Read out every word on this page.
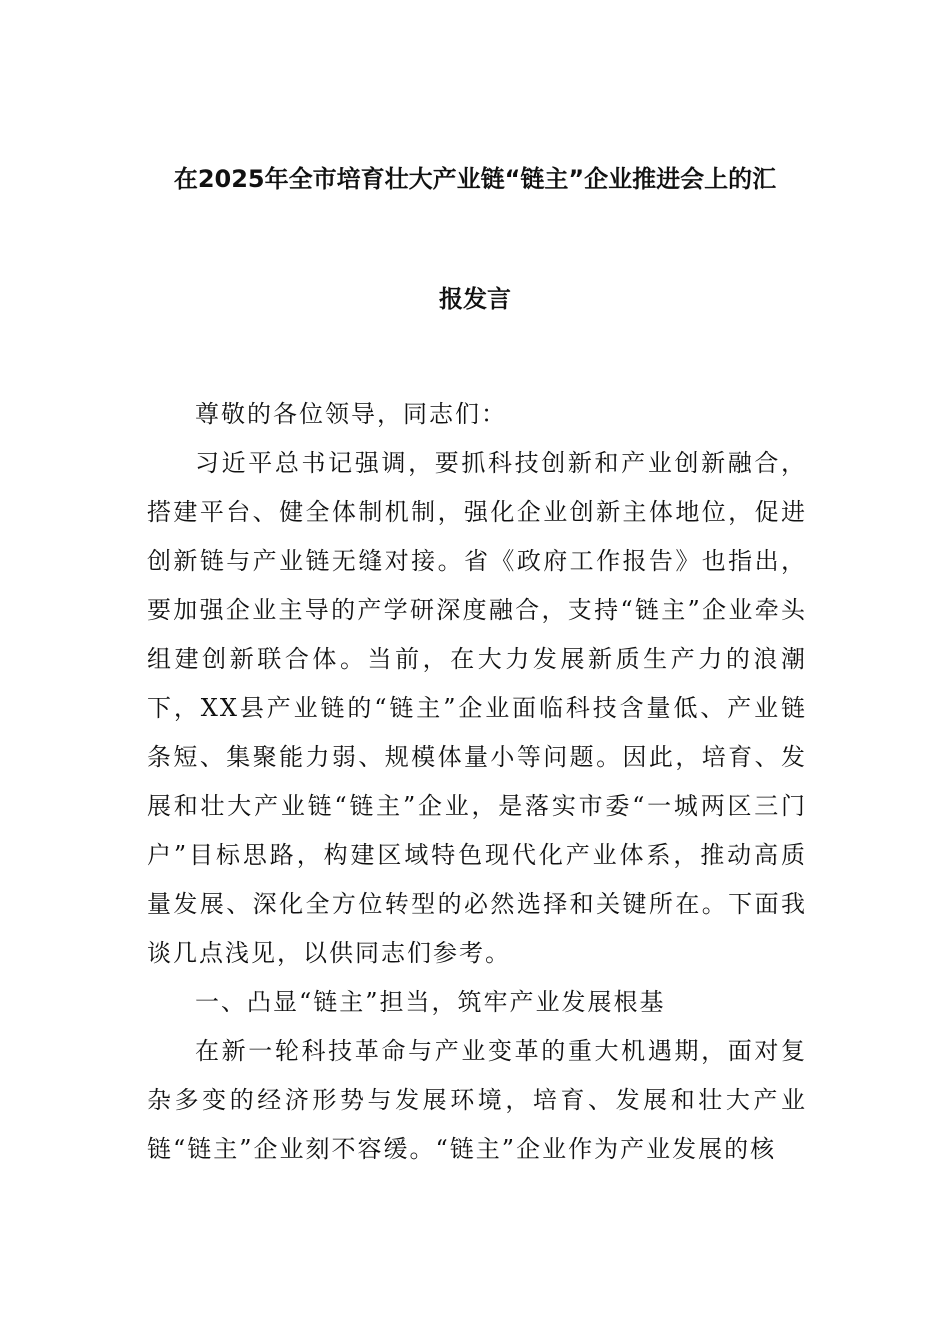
在2025年全市培育壮大产业链“链主”企业推进会上的汇
报发言

尊敬的各位领导，同志们：

习近平总书记强调，要抓科技创新和产业创新融合，搭建平台、健全体制机制，强化企业创新主体地位，促进创新链与产业链无缝对接。省《政府工作报告》也指出，要加强企业主导的产学研深度融合，支持“链主”企业牵头组建创新联合体。当前，在大力发展新质生产力的浪潮下，XX县产业链的“链主”企业面临科技含量低、产业链条短、集聚能力弱、规模体量小等问题。因此，培育、发展和壮大产业链“链主”企业，是落实市委“一城两区三门户”目标思路，构建区域特色现代化产业体系，推动高质量发展、深化全方位转型的必然选择和关键所在。下面我谈几点浅见，以供同志们参考。

一、凸显“链主”担当，筑牢产业发展根基

在新一轮科技革命与产业变革的重大机遇期，面对复杂多变的经济形势与发展环境，培育、发展和壮大产业链“链主”企业刻不容缓。“链主”企业作为产业发展的核
